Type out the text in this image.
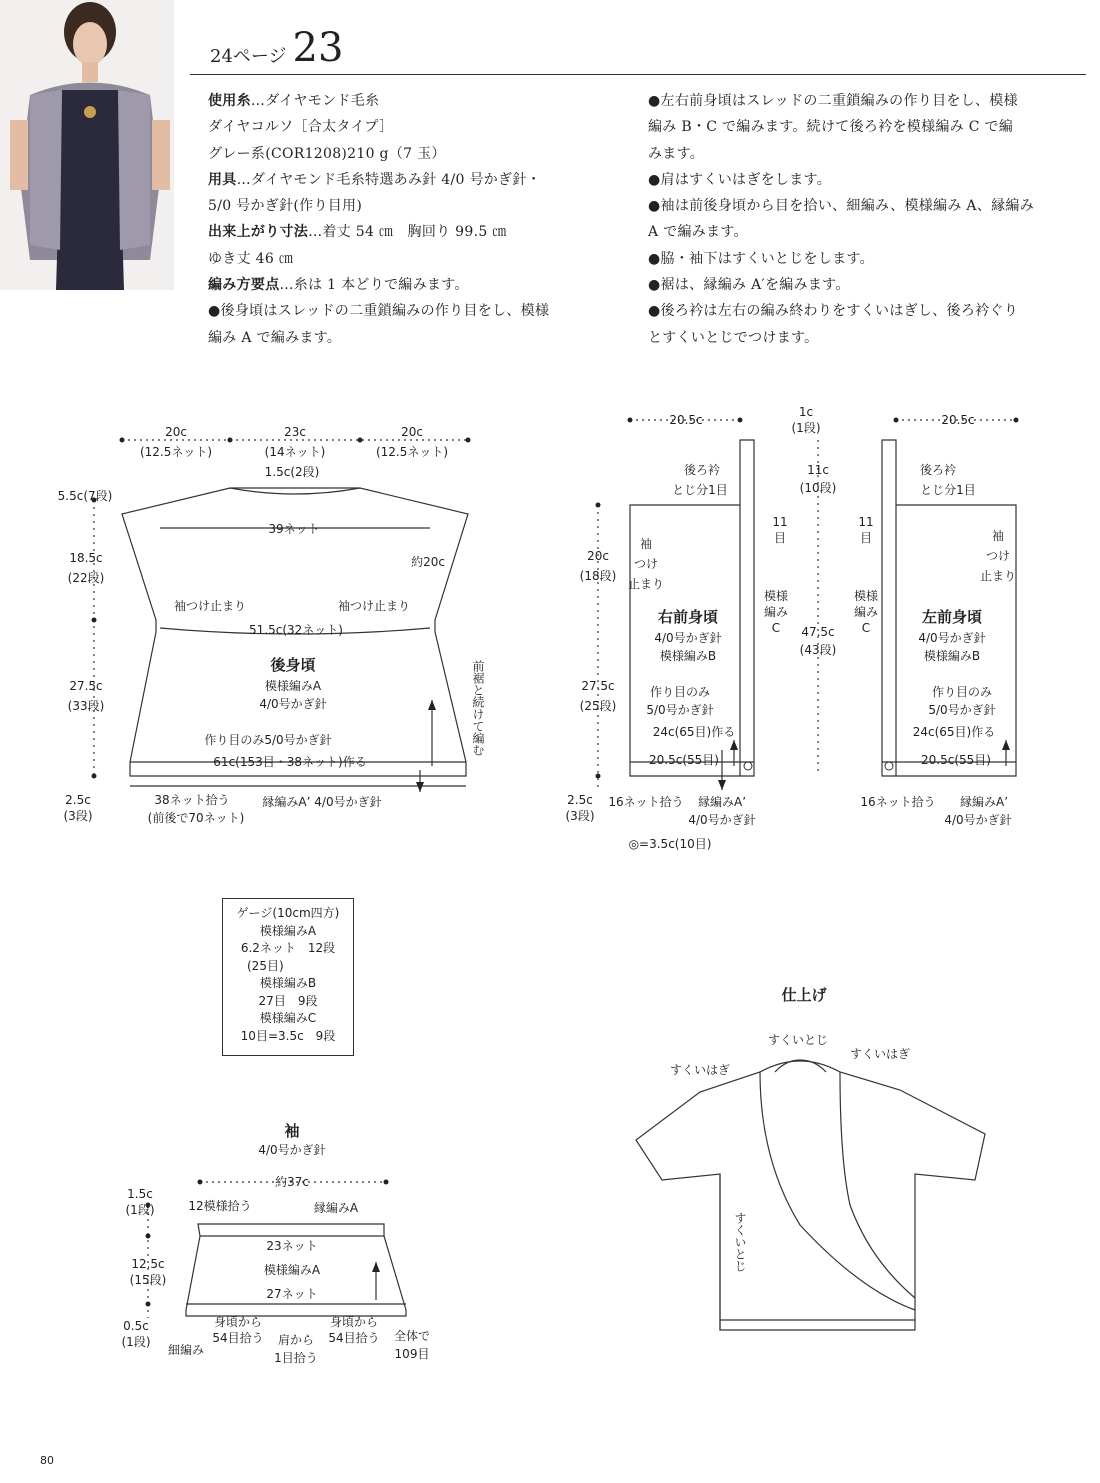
24ページ 23

使用糸…ダイヤモンド毛糸

ダイヤコルソ［合太タイプ］

グレー系(COR1208)210 g（7 玉）

用具…ダイヤモンド毛糸特選あみ針 4/0 号かぎ針・

5/0 号かぎ針(作り目用)

出来上がり寸法…着丈 54 ㎝　胸回り 99.5 ㎝

ゆき丈 46 ㎝

編み方要点…糸は 1 本どりで編みます。

●後身頃はスレッドの二重鎖編みの作り目をし、模様

編み A で編みます。

●左右前身頃はスレッドの二重鎖編みの作り目をし、模様

編み B・C で編みます。続けて後ろ衿を模様編み C で編

みます。

●肩はすくいはぎをします。

●袖は前後身頃から目を拾い、細編み、模様編み A、縁編み

A で編みます。

●脇・袖下はすくいとじをします。

●裾は、縁編み A′を編みます。

●後ろ衿は左右の編み終わりをすくいはぎし、後ろ衿ぐり

とすくいとじでつけます。

20c
(12.5ネット)
23c
(14ネット)
20c
(12.5ネット)
1.5c(2段)
5.5c(7段)
39ネット
約20c
18.5c
(22段)
袖つけ止まり	袖つけ止まり
51.5c(32ネット)
後身頃
模様編みA
4/0号かぎ針
27.5c
(33段)
作り目のみ5/0号かぎ針
61c(153目・38ネット)作る
2.5c
(3段)
38ネット拾う
(前後で70ネット)
縁編みA’ 4/0号かぎ針
前裾と続けて編む
20.5c
1c
(1段)
後ろ衿
とじ分1目
11c
(10段)
11
目
20c
(18段)
袖
つけ
止まり
模様
編み
C
右前身頃
4/0号かぎ針
模様編みB
47.5c
(43段)
27.5c
(25段)
作り目のみ
5/0号かぎ針
24c(65目)作る
20.5c(55目)
2.5c
(3段)
16ネット拾う 縁編みA’
4/0号かぎ針
◎=3.5c(10目)
20.5c
後ろ衿
とじ分1目
11
目	袖
つけ
止まり
模様
編み
C
左前身頃
4/0号かぎ針
模様編みB
作り目のみ
5/0号かぎ針
24c(65目)作る
20.5c(55目)
16ネット拾う 縁編みA’
4/0号かぎ針
袖
4/0号かぎ針
約37c
1.5c
(1段)	12模様拾う	縁編みA
23ネット
模様編みA
12.5c
(15段)
27ネット
0.5c
(1段)
細編み
身頃から
54目拾う 肩から
1目拾う
身頃から
54目拾う 全体で
109目
仕上げ
すくいとじ
すくいはぎ
すくいはぎ
すくいとじ
ゲージ(10cm四方)
模様編みA
6.2ネット　12段
(25目)
模様編みB
27目　9段
模様編みC
10目=3.5c　9段
80
